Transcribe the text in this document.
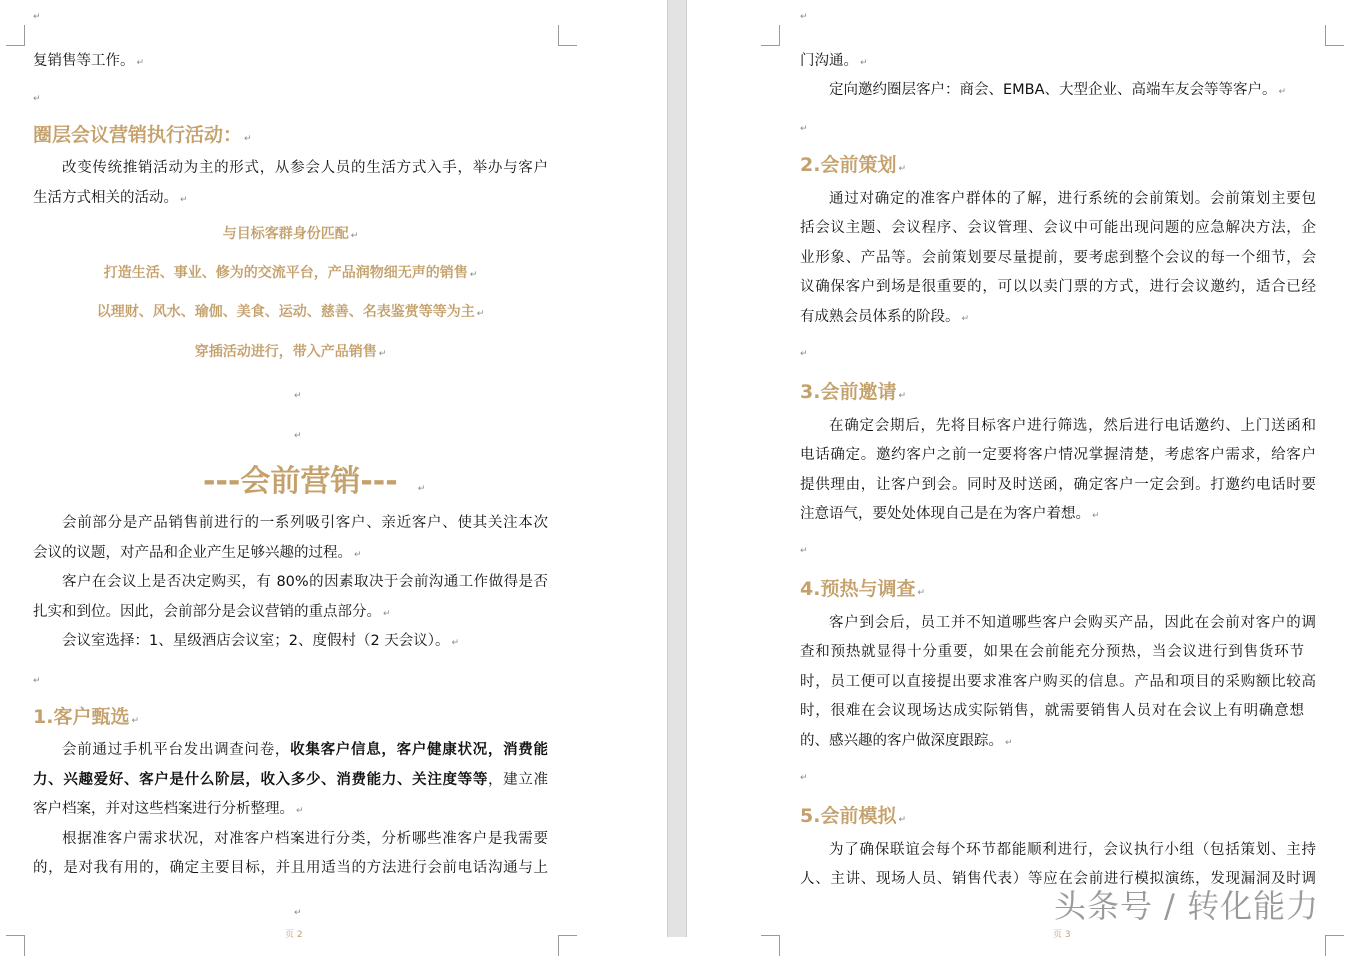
↵
复销售等工作。↵
↵
圈层会议营销执行活动：↵
改变传统推销活动为主的形式，从参会人员的生活方式入手，举办与客户
生活方式相关的活动。↵
与目标客群身份匹配↵
打造生活、事业、修为的交流平台，产品润物细无声的销售↵
以理财、风水、瑜伽、美食、运动、慈善、名表鉴赏等等为主↵
穿插活动进行，带入产品销售↵
↵
↵
---会前营销---↵
会前部分是产品销售前进行的一系列吸引客户、亲近客户、使其关注本次
会议的议题，对产品和企业产生足够兴趣的过程。↵
客户在会议上是否决定购买，有 80%的因素取决于会前沟通工作做得是否
扎实和到位。因此，会前部分是会议营销的重点部分。↵
会议室选择：1、星级酒店会议室；2、度假村（2 天会议）。↵
↵
1.客户甄选↵
会前通过手机平台发出调查问卷，收集客户信息，客户健康状况，消费能
力、兴趣爱好、客户是什么阶层，收入多少、消费能力、关注度等等，建立准
客户档案，并对这些档案进行分析整理。↵
根据准客户需求状况，对准客户档案进行分类，分析哪些准客户是我需要
的，是对我有用的，确定主要目标，并且用适当的方法进行会前电话沟通与上
↵
页 2
↵
门沟通。↵
定向邀约圈层客户：商会、EMBA、大型企业、高端车友会等等客户。↵
↵
2.会前策划↵
通过对确定的准客户群体的了解，进行系统的会前策划。会前策划主要包
括会议主题、会议程序、会议管理、会议中可能出现问题的应急解决方法，企
业形象、产品等。会前策划要尽量提前，要考虑到整个会议的每一个细节，会
议确保客户到场是很重要的，可以以卖门票的方式，进行会议邀约，适合已经
有成熟会员体系的阶段。↵
↵
3.会前邀请↵
在确定会期后，先将目标客户进行筛选，然后进行电话邀约、上门送函和
电话确定。邀约客户之前一定要将客户情况掌握清楚，考虑客户需求，给客户
提供理由，让客户到会。同时及时送函，确定客户一定会到。打邀约电话时要
注意语气，要处处体现自己是在为客户着想。↵
↵
4.预热与调查↵
客户到会后，员工并不知道哪些客户会购买产品，因此在会前对客户的调
查和预热就显得十分重要，如果在会前能充分预热，当会议进行到售货环节
时，员工便可以直接提出要求准客户购买的信息。产品和项目的采购额比较高
时，很难在会议现场达成实际销售，就需要销售人员对在会议上有明确意想
的、感兴趣的客户做深度跟踪。↵
↵
5.会前模拟↵
为了确保联谊会每个环节都能顺利进行，会议执行小组（包括策划、主持
人、主讲、现场人员、销售代表）等应在会前进行模拟演练，发现漏洞及时调
页 3
头条号 / 转化能力
